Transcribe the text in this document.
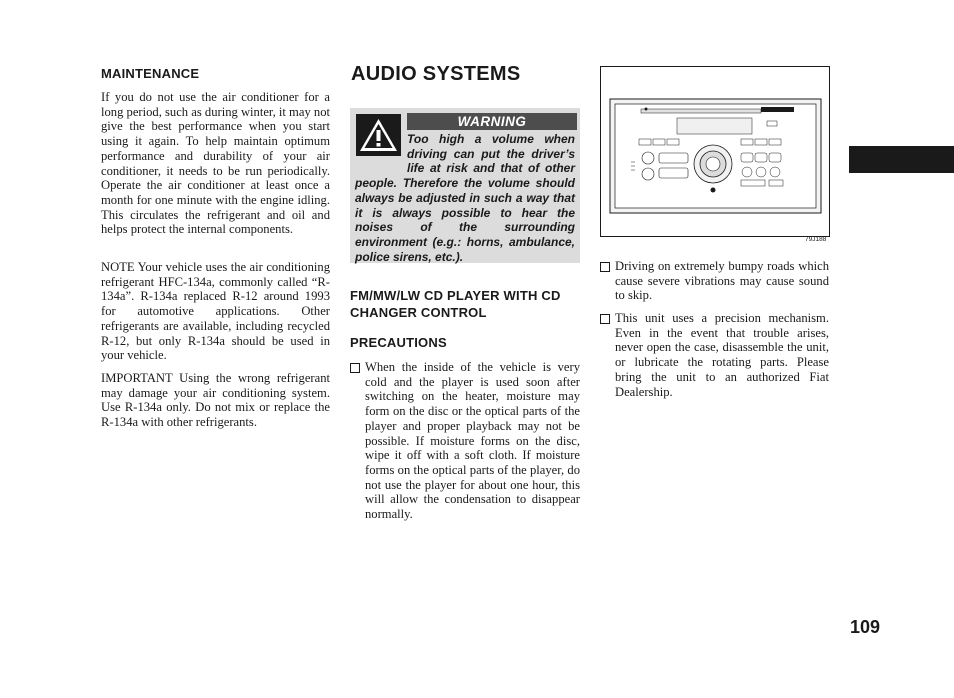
MAINTENANCE

If you do not use the air conditioner for a long period, such as during winter, it may not give the best performance when you start using it again. To help maintain optimum performance and durability of your air conditioner, it needs to be run periodically. Operate the air conditioner at least once a month for one minute with the engine idling. This circulates the refrigerant and oil and helps protect the internal components.

NOTE Your vehicle uses the air conditioning refrigerant HFC-134a, commonly called “R-134a”. R-134a replaced R-12 around 1993 for automotive applications. Other refrigerants are available, including recycled R-12, but only R-134a should be used in your vehicle.

IMPORTANT Using the wrong refrigerant may damage your air conditioning system. Use R-134a only. Do not mix or replace the R-134a with other refrigerants.

AUDIO SYSTEMS
WARNING

Too high a volume when driving can put the driver’s life at risk and that of other people. Therefore the volume should always be adjusted in such a way that it is always possible to hear the noises of the surrounding environment (e.g.: horns, ambulance, police sirens, etc.).

FM/MW/LW CD PLAYER WITH CD CHANGER CONTROL
PRECAUTIONS

When the inside of the vehicle is very cold and the player is used soon after switching on the heater, moisture may form on the disc or the optical parts of the player and proper playback may not be possible. If moisture forms on the disc, wipe it off with a soft cloth. If moisture forms on the optical parts of the player, do not use the player for about one hour, this will allow the condensation to disappear normally.

79J188

Driving on extremely bumpy roads which cause severe vibrations may cause sound to skip.

This unit uses a precision mechanism. Even in the event that trouble arises, never open the case, disassemble the unit, or lubricate the rotating parts. Please bring the unit to an authorized Fiat Dealership.

109
